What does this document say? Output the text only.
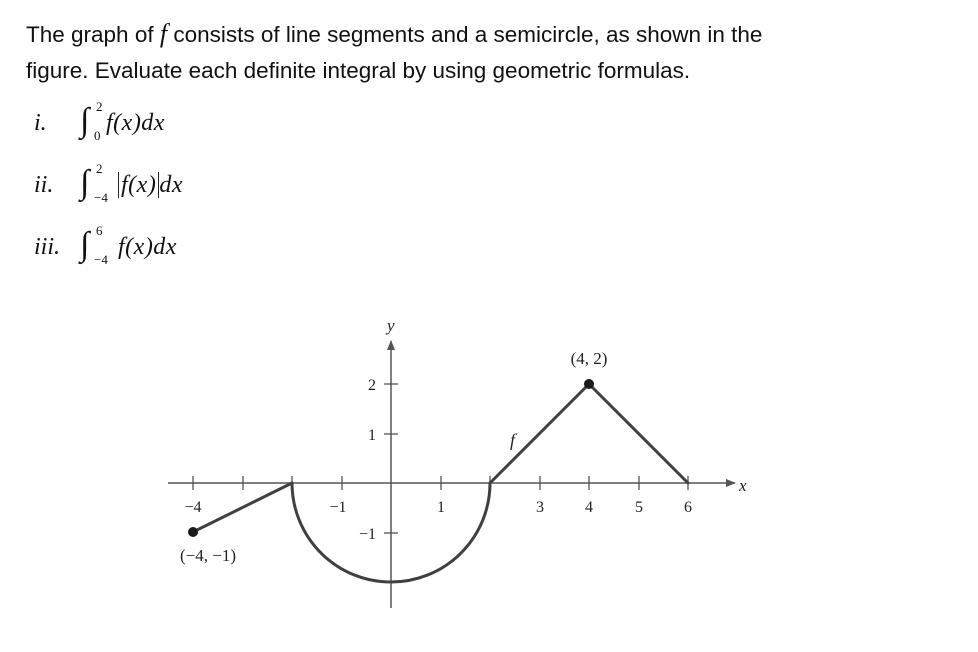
The graph of f consists of line segments and a semicircle, as shown in the
figure. Evaluate each definite integral by using geometric formulas.
i. ∫ 2
0 f(x)dx
ii. ∫ 2
−4 f(x) dx
iii. ∫ 6
−4 f(x)dx
x
y
f
−4	−1	1	3	4	5	6
2
1
−1
(4, 2)
(−4, −1)
